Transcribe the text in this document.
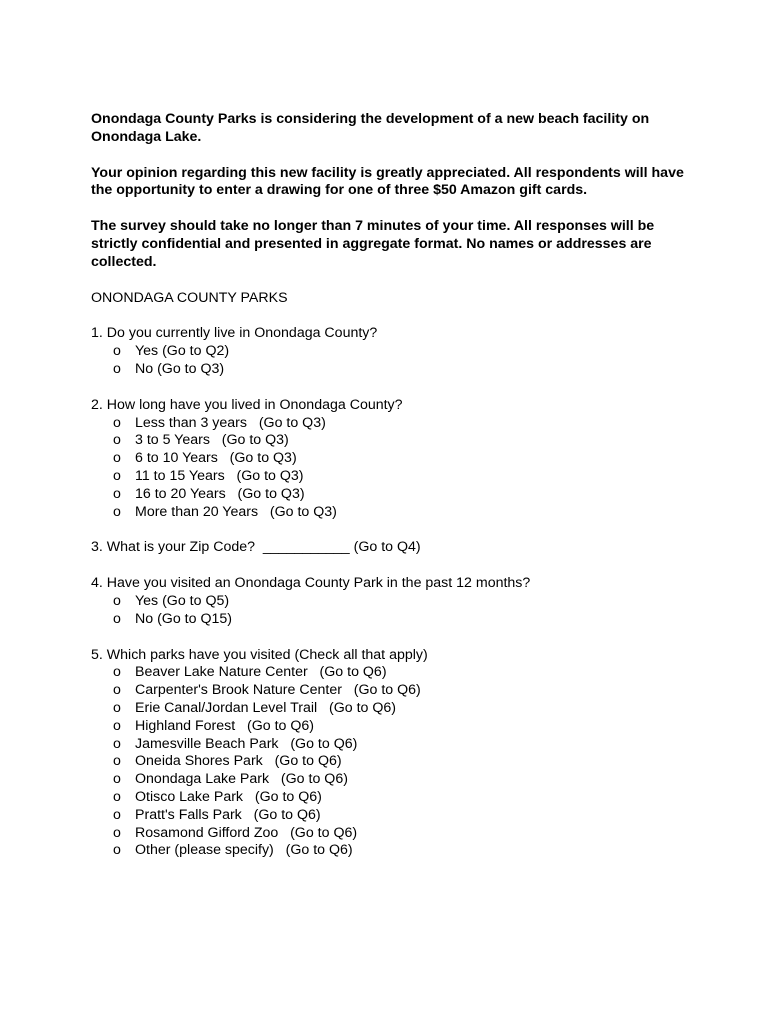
Onondaga County Parks is considering the development of a new beach facility on Onondaga Lake.

Your opinion regarding this new facility is greatly appreciated. All respondents will have the opportunity to enter a drawing for one of three $50 Amazon gift cards.

The survey should take no longer than 7 minutes of your time. All responses will be strictly confidential and presented in aggregate format. No names or addresses are collected.

ONONDAGA COUNTY PARKS

1. Do you currently live in Onondaga County?
o Yes (Go to Q2)
o No (Go to Q3)
2. How long have you lived in Onondaga County?
o Less than 3 years   (Go to Q3)
o 3 to 5 Years   (Go to Q3)
o 6 to 10 Years   (Go to Q3)
o 11 to 15 Years   (Go to Q3)
o 16 to 20 Years   (Go to Q3)
o More than 20 Years   (Go to Q3)
3. What is your Zip Code?  ___________ (Go to Q4)
4. Have you visited an Onondaga County Park in the past 12 months?
o Yes (Go to Q5)
o No (Go to Q15)
5. Which parks have you visited (Check all that apply)
o Beaver Lake Nature Center   (Go to Q6)
o Carpenter's Brook Nature Center   (Go to Q6)
o Erie Canal/Jordan Level Trail   (Go to Q6)
o Highland Forest   (Go to Q6)
o Jamesville Beach Park   (Go to Q6)
o Oneida Shores Park   (Go to Q6)
o Onondaga Lake Park   (Go to Q6)
o Otisco Lake Park   (Go to Q6)
o Pratt's Falls Park   (Go to Q6)
o Rosamond Gifford Zoo   (Go to Q6)
o Other (please specify)   (Go to Q6)
